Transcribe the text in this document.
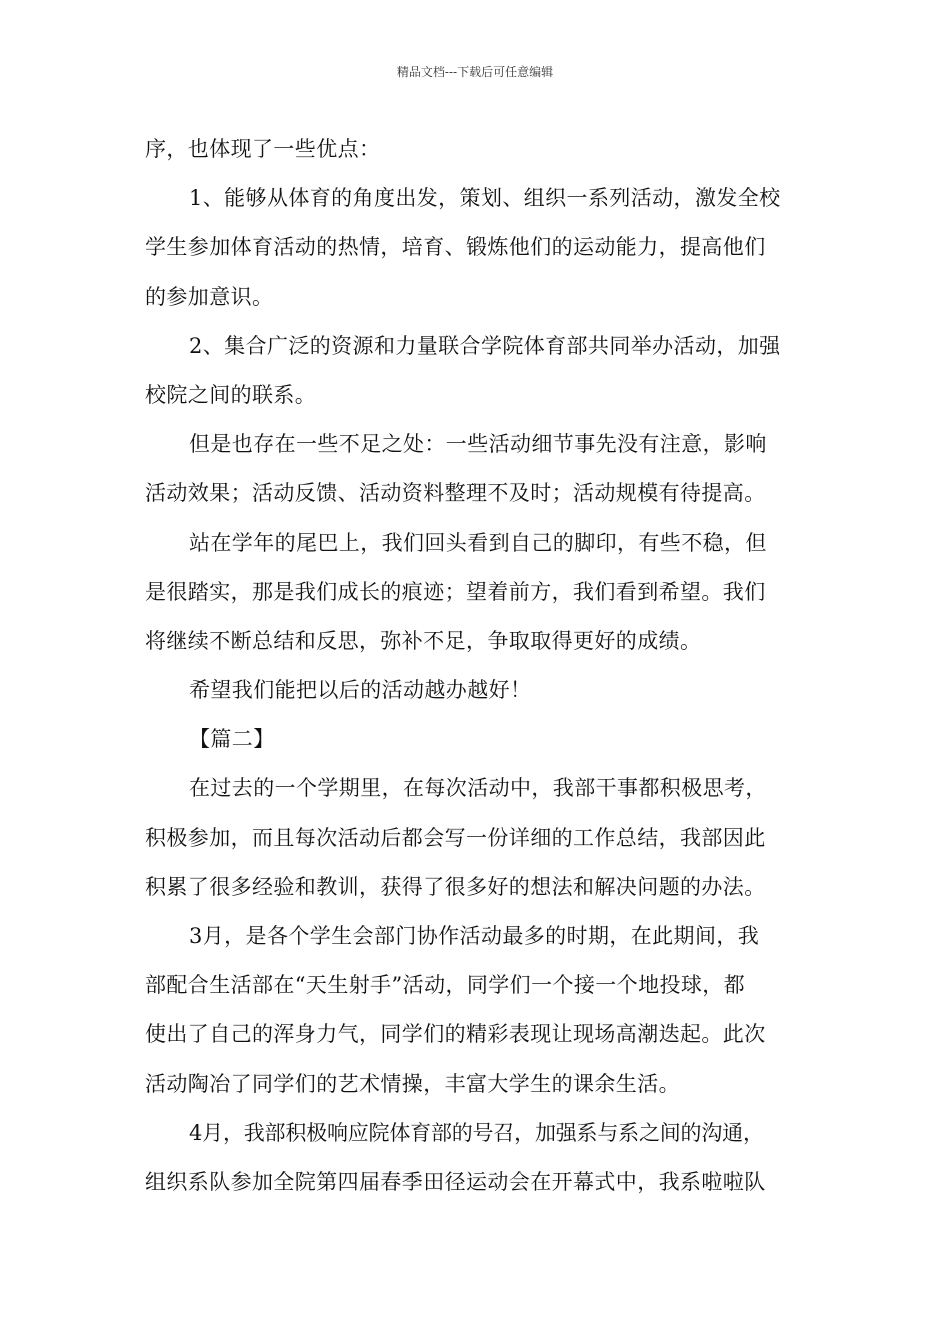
精品文档---下载后可任意编辑
序，也体现了一些优点：
1、能够从体育的角度出发，策划、组织一系列活动，激发全校
学生参加体育活动的热情，培育、锻炼他们的运动能力，提高他们
的参加意识。
2、集合广泛的资源和力量联合学院体育部共同举办活动，加强
校院之间的联系。
但是也存在一些不足之处：一些活动细节事先没有注意，影响
活动效果；活动反馈、活动资料整理不及时；活动规模有待提高。
站在学年的尾巴上，我们回头看到自己的脚印，有些不稳，但
是很踏实，那是我们成长的痕迹；望着前方，我们看到希望。我们
将继续不断总结和反思，弥补不足，争取取得更好的成绩。
希望我们能把以后的活动越办越好！
【篇二】
在过去的一个学期里，在每次活动中，我部干事都积极思考，
积极参加，而且每次活动后都会写一份详细的工作总结，我部因此
积累了很多经验和教训，获得了很多好的想法和解决问题的办法。
3月，是各个学生会部门协作活动最多的时期，在此期间，我
部配合生活部在“天生射手”活动，同学们一个接一个地投球，都
使出了自己的浑身力气，同学们的精彩表现让现场高潮迭起。此次
活动陶冶了同学们的艺术情操，丰富大学生的课余生活。
4月，我部积极响应院体育部的号召，加强系与系之间的沟通，
组织系队参加全院第四届春季田径运动会在开幕式中，我系啦啦队
